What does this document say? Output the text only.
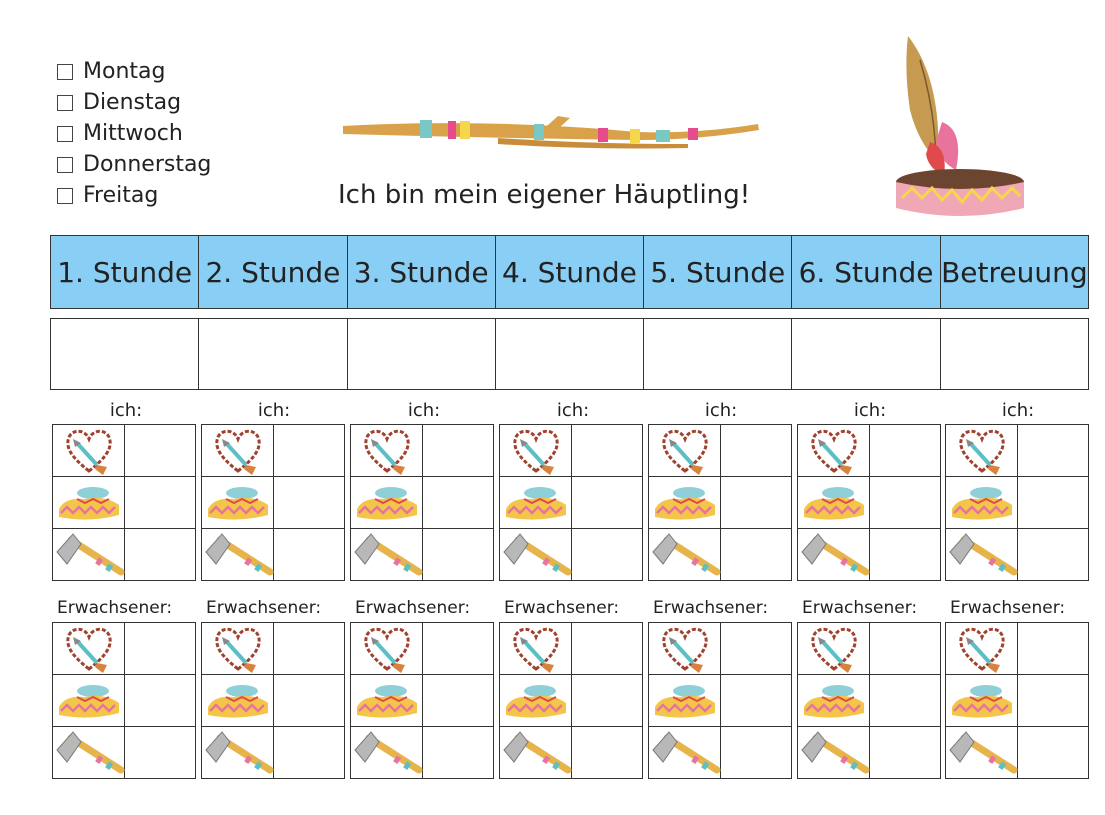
Montag
Dienstag
Mittwoch
Donnerstag
Freitag	Ich bin mein eigener Häuptling!
1. Stunde	2. Stunde	3. Stunde	4. Stunde	5. Stunde	6. Stunde	Betreuung

ich:	ich:	ich:	ich:	ich:	ich:	ich:

Erwachsener: Erwachsener: Erwachsener: Erwachsener: Erwachsener: Erwachsener: Erwachsener:
